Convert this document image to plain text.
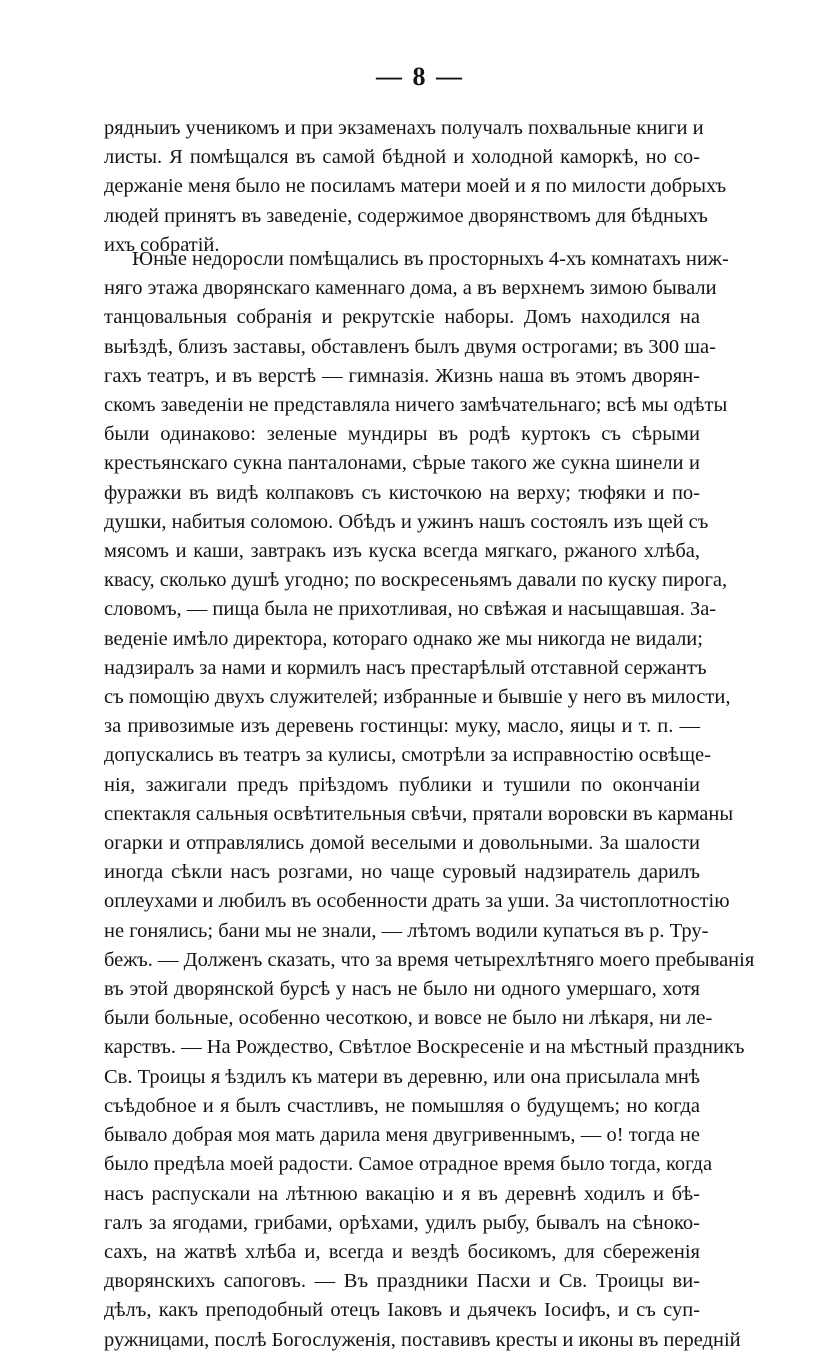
— 8 —
рядныиъ ученикомъ и при экзаменахъ получалъ похвальные книги и
листы. Я помѣщался въ самой бѣдной и холодной каморкѣ, но со-
держаніе меня было не посиламъ матери моей и я по милости добрыхъ
людей принятъ въ заведеніе, содержимое дворянствомъ для бѣдныхъ
ихъ собратій.
Юные недоросли помѣщались въ просторныхъ 4-хъ комнатахъ ниж-
няго этажа дворянскаго каменнаго дома, а въ верхнемъ зимою бывали
танцовальныя собранія и рекрутскіе наборы. Домъ находился на
выѣздѣ, близъ заставы, обставленъ былъ двумя острогами; въ 300 ша-
гахъ театръ, и въ верстѣ — гимназія. Жизнь наша въ этомъ дворян-
скомъ заведеніи не представляла ничего замѣчательнаго; всѣ мы одѣты
были одинаково: зеленые мундиры въ родѣ куртокъ съ сѣрыми
крестьянскаго сукна панталонами, сѣрые такого же сукна шинели и
фуражки въ видѣ колпаковъ съ кисточкою на верху; тюфяки и по-
душки, набитыя соломою. Обѣдъ и ужинъ нашъ состоялъ изъ щей съ
мясомъ и каши, завтракъ изъ куска всегда мягкаго, ржаного хлѣба,
квасу, сколько душѣ угодно; по воскресеньямъ давали по куску пирога,
словомъ, — пища была не прихотливая, но свѣжая и насыщавшая. За-
веденіе имѣло директора, котораго однако же мы никогда не видали;
надзиралъ за нами и кормилъ насъ престарѣлый отставной сержантъ
съ помощію двухъ служителей; избранные и бывшіе у него въ милости,
за привозимые изъ деревень гостинцы: муку, масло, яицы и т. п. —
допускались въ театръ за кулисы, смотрѣли за исправностію освѣще-
нія, зажигали предъ пріѣздомъ публики и тушили по окончаніи
спектакля сальныя освѣтительныя свѣчи, прятали воровски въ карманы
огарки и отправлялись домой веселыми и довольными. За шалости
иногда сѣкли насъ розгами, но чаще суровый надзиратель дарилъ
оплеухами и любилъ въ особенности драть за уши. За чистоплотностію
не гонялись; бани мы не знали, — лѣтомъ водили купаться въ р. Тру-
бежъ. — Долженъ сказать, что за время четырехлѣтняго моего пребыванія
въ этой дворянской бурсѣ у насъ не было ни одного умершаго, хотя
были больные, особенно чесоткою, и вовсе не было ни лѣкаря, ни ле-
карствъ. — На Рождество, Свѣтлое Воскресеніе и на мѣстный праздникъ
Св. Троицы я ѣздилъ къ матери въ деревню, или она присылала мнѣ
съѣдобное и я былъ счастливъ, не помышляя о будущемъ; но когда
бывало добрая моя мать дарила меня двугривеннымъ, — о! тогда не
было предѣла моей радости. Самое отрадное время было тогда, когда
насъ распускали на лѣтнюю вакацію и я въ деревнѣ ходилъ и бѣ-
галъ за ягодами, грибами, орѣхами, удилъ рыбу, бывалъ на сѣноко-
сахъ, на жатвѣ хлѣба и, всегда и вездѣ босикомъ, для сбереженія
дворянскихъ сапоговъ. — Въ праздники Пасхи и Св. Троицы ви-
дѣлъ, какъ преподобный отецъ Іаковъ и дьячекъ Іосифъ, и съ суп-
ружницами, послѣ Богослуженія, поставивъ кресты и иконы въ передній
